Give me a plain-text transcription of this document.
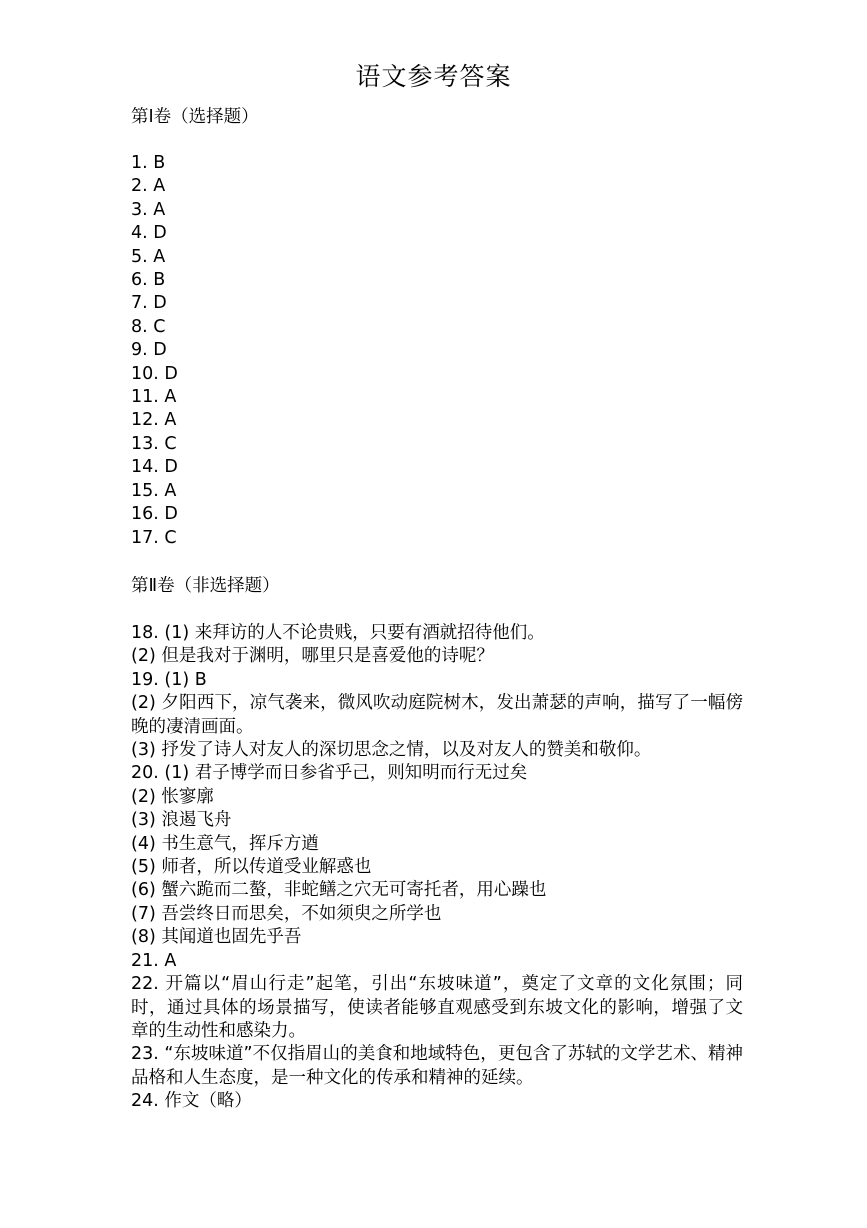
语文参考答案
第Ⅰ卷（选择题）
1. B
2. A
3. A
4. D
5. A
6. B
7. D
8. C
9. D
10. D
11. A
12. A
13. C
14. D
15. A
16. D
17. C
第Ⅱ卷（非选择题）
18. (1) 来拜访的人不论贵贱，只要有酒就招待他们。
(2) 但是我对于渊明，哪里只是喜爱他的诗呢？
19. (1) B
(2) 夕阳西下，凉气袭来，微风吹动庭院树木，发出萧瑟的声响，描写了一幅傍晚的凄清画面。
(3) 抒发了诗人对友人的深切思念之情，以及对友人的赞美和敬仰。
20. (1) 君子博学而日参省乎己，则知明而行无过矣
(2) 怅寥廓
(3) 浪遏飞舟
(4) 书生意气，挥斥方遒
(5) 师者，所以传道受业解惑也
(6) 蟹六跪而二螯，非蛇鳝之穴无可寄托者，用心躁也
(7) 吾尝终日而思矣，不如须臾之所学也
(8) 其闻道也固先乎吾
21. A
22. 开篇以“眉山行走”起笔，引出“东坡味道”，奠定了文章的文化氛围；同时，通过具体的场景描写，使读者能够直观感受到东坡文化的影响，增强了文章的生动性和感染力。
23. “东坡味道”不仅指眉山的美食和地域特色，更包含了苏轼的文学艺术、精神品格和人生态度，是一种文化的传承和精神的延续。
24. 作文（略）
